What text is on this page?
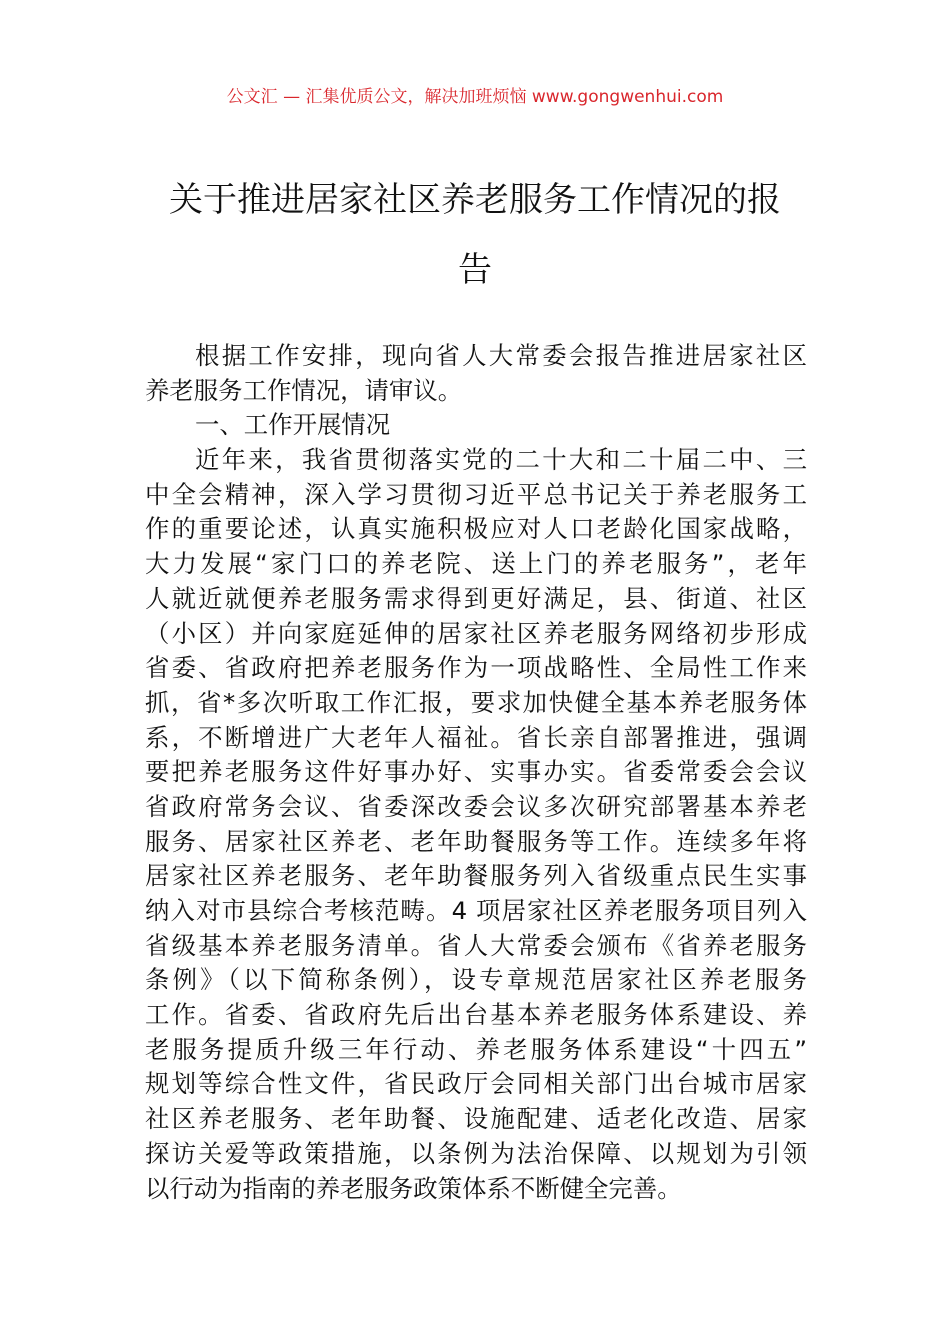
公文汇 — 汇集优质公文，解决加班烦恼 www.gongwenhui.com
关于推进居家社区养老服务工作情况的报
告
根据工作安排，现向省人大常委会报告推进居家社区
养老服务工作情况，请审议。
一、工作开展情况
近年来，我省贯彻落实党的二十大和二十届二中、三
中全会精神，深入学习贯彻习近平总书记关于养老服务工
作的重要论述，认真实施积极应对人口老龄化国家战略，
大力发展“家门口的养老院、送上门的养老服务”，老年
人就近就便养老服务需求得到更好满足，县、街道、社区
（小区）并向家庭延伸的居家社区养老服务网络初步形成
省委、省政府把养老服务作为一项战略性、全局性工作来
抓，省*多次听取工作汇报，要求加快健全基本养老服务体
系，不断增进广大老年人福祉。省长亲自部署推进，强调
要把养老服务这件好事办好、实事办实。省委常委会会议
省政府常务会议、省委深改委会议多次研究部署基本养老
服务、居家社区养老、老年助餐服务等工作。连续多年将
居家社区养老服务、老年助餐服务列入省级重点民生实事
纳入对市县综合考核范畴。4 项居家社区养老服务项目列入
省级基本养老服务清单。省人大常委会颁布《省养老服务
条例》（以下简称条例），设专章规范居家社区养老服务
工作。省委、省政府先后出台基本养老服务体系建设、养
老服务提质升级三年行动、养老服务体系建设“十四五”
规划等综合性文件，省民政厅会同相关部门出台城市居家
社区养老服务、老年助餐、设施配建、适老化改造、居家
探访关爱等政策措施，以条例为法治保障、以规划为引领
以行动为指南的养老服务政策体系不断健全完善。
